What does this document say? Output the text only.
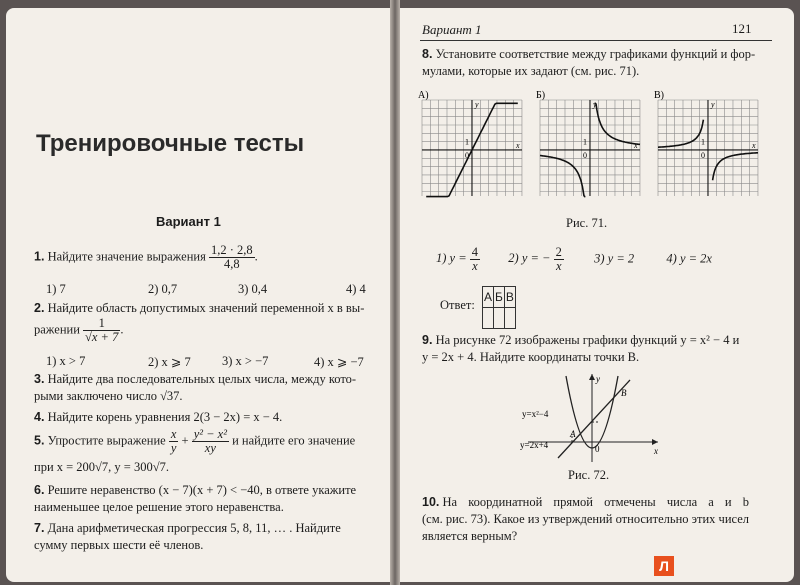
Тренировочные тесты
Вариант 1
1. Найдите значение выражения $\frac{1,2 \cdot 2,8}{4,8}$ .
1) 7	2) 0,7	3) 0,4	4) 4
2. Найдите область допустимых значений переменной x в вы-
ражении $\frac{1}{√x + 7}$ .
1) x > 7	2) x ⩾ 7 3) x > −7	4) x ⩾ −7
3. Найдите два последовательных целых числа, между кото-
рыми заключено число √37.
4. Найдите корень уравнения 2(3 − 2x) = x − 4.
5. Упростите выражение $\frac{x}{y} + \frac{\text{y² − x²}}{xy}$ и найдите его значение
при x = 200√7, y = 300√7.
6. Решите неравенство (x − 7)(x + 7) < −40, в ответе укажите
наименьшее целое решение этого неравенства.
7. Дана арифметическая прогрессия 5, 8, 11, … . Найдите
сумму первых шести её членов.
Вариант 1	121
8. Установите соответствие между графиками функций и фор-
мулами, которые их задают (см. рис. 71).
А)
y
x
1
0
Б)
y
x
1
0
В)
y
x
1
0
Рис. 71.
1) $y = \frac{4}{x} 2$) y = − $\frac{2}{x} 3$) y = 2	4) y = 2x
Ответ:
А	Б	В

9. На рисунке 72 изображены графики функций y = x² − 4 и
y = 2x + 4. Найдите координаты точки B.
y=x²−4
y=2x+4
A
B
y
x
0
Рис. 72.
10. На координатной прямой отмечены числа a и b
(см. рис. 73). Какое из утверждений относительно этих чисел
является верным?
Л
